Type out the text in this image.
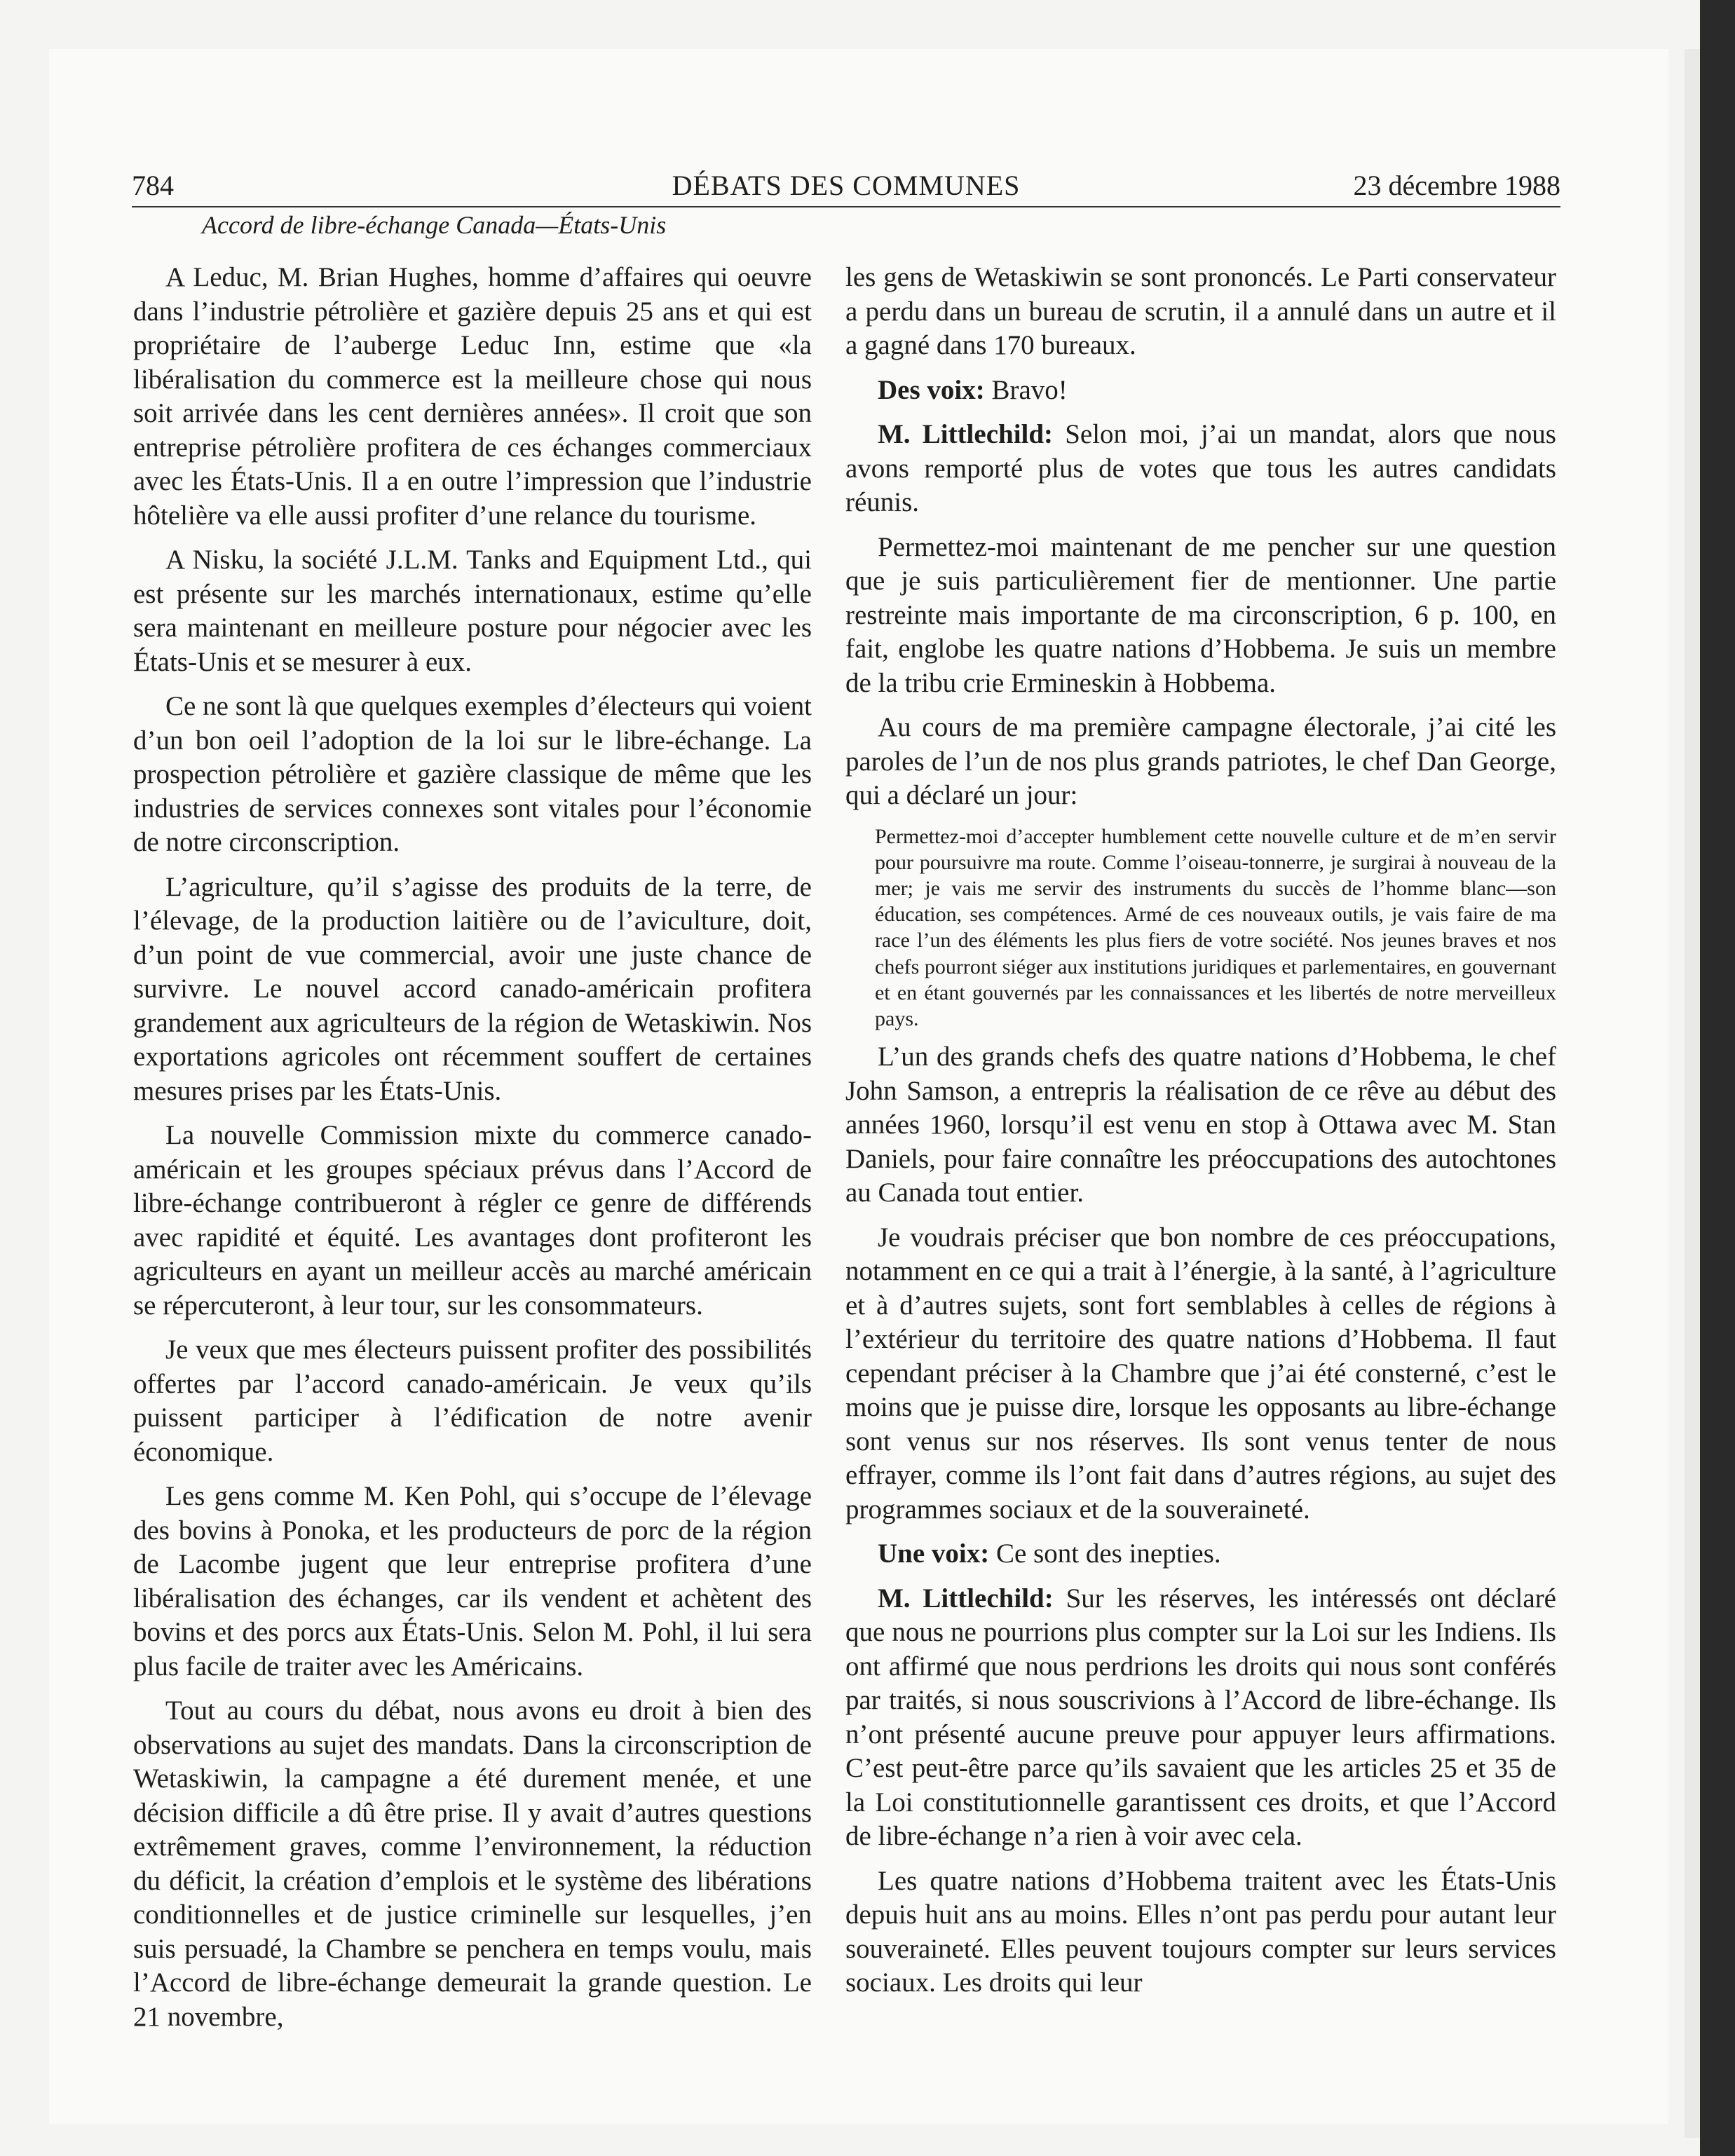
784	DÉBATS DES COMMUNES	23 décembre 1988
Accord de libre-échange Canada—États-Unis

A Leduc, M. Brian Hughes, homme d’affaires qui oeuvre dans l’industrie pétrolière et gazière depuis 25 ans et qui est propriétaire de l’auberge Leduc Inn, estime que «la libéralisation du commerce est la meilleure chose qui nous soit arrivée dans les cent dernières années». Il croit que son entreprise pétrolière profitera de ces échanges commerciaux avec les États-Unis. Il a en outre l’impression que l’industrie hôtelière va elle aussi profiter d’une relance du tourisme.

A Nisku, la société J.L.M. Tanks and Equipment Ltd., qui est présente sur les marchés internationaux, estime qu’elle sera maintenant en meilleure posture pour négocier avec les États-Unis et se mesurer à eux.

Ce ne sont là que quelques exemples d’électeurs qui voient d’un bon oeil l’adoption de la loi sur le libre-échange. La prospection pétrolière et gazière classique de même que les industries de services connexes sont vitales pour l’économie de notre circonscription.

L’agriculture, qu’il s’agisse des produits de la terre, de l’élevage, de la production laitière ou de l’aviculture, doit, d’un point de vue commercial, avoir une juste chance de survivre. Le nouvel accord canado-américain profitera grandement aux agriculteurs de la région de Wetaskiwin. Nos exportations agricoles ont récemment souffert de certaines mesures prises par les États-Unis.

La nouvelle Commission mixte du commerce canado-américain et les groupes spéciaux prévus dans l’Accord de libre-échange contribueront à régler ce genre de différends avec rapidité et équité. Les avantages dont profiteront les agriculteurs en ayant un meilleur accès au marché américain se répercuteront, à leur tour, sur les consommateurs.

Je veux que mes électeurs puissent profiter des possibilités offertes par l’accord canado-américain. Je veux qu’ils puissent participer à l’édification de notre avenir économique.

Les gens comme M. Ken Pohl, qui s’occupe de l’élevage des bovins à Ponoka, et les producteurs de porc de la région de Lacombe jugent que leur entreprise profitera d’une libéralisation des échanges, car ils vendent et achètent des bovins et des porcs aux États-Unis. Selon M. Pohl, il lui sera plus facile de traiter avec les Américains.

Tout au cours du débat, nous avons eu droit à bien des observations au sujet des mandats. Dans la circonscription de Wetaskiwin, la campagne a été durement menée, et une décision difficile a dû être prise. Il y avait d’autres questions extrêmement graves, comme l’environnement, la réduction du déficit, la création d’emplois et le système des libérations conditionnelles et de justice criminelle sur lesquelles, j’en suis persuadé, la Chambre se penchera en temps voulu, mais l’Accord de libre-échange demeurait la grande question. Le 21 novembre,

les gens de Wetaskiwin se sont prononcés. Le Parti conservateur a perdu dans un bureau de scrutin, il a annulé dans un autre et il a gagné dans 170 bureaux.

Des voix: Bravo!

M. Littlechild: Selon moi, j’ai un mandat, alors que nous avons remporté plus de votes que tous les autres candidats réunis.

Permettez-moi maintenant de me pencher sur une question que je suis particulièrement fier de mentionner. Une partie restreinte mais importante de ma circonscription, 6 p. 100, en fait, englobe les quatre nations d’Hobbema. Je suis un membre de la tribu crie Ermineskin à Hobbema.

Au cours de ma première campagne électorale, j’ai cité les paroles de l’un de nos plus grands patriotes, le chef Dan George, qui a déclaré un jour:

Permettez-moi d’accepter humblement cette nouvelle culture et de m’en servir pour poursuivre ma route. Comme l’oiseau-tonnerre, je surgirai à nouveau de la mer; je vais me servir des instruments du succès de l’homme blanc—son éducation, ses compétences. Armé de ces nouveaux outils, je vais faire de ma race l’un des éléments les plus fiers de votre société. Nos jeunes braves et nos chefs pourront siéger aux institutions juridiques et parlementaires, en gouvernant et en étant gouvernés par les connaissances et les libertés de notre merveilleux pays.

L’un des grands chefs des quatre nations d’Hobbema, le chef John Samson, a entrepris la réalisation de ce rêve au début des années 1960, lorsqu’il est venu en stop à Ottawa avec M. Stan Daniels, pour faire connaître les préoccupations des autochtones au Canada tout entier.

Je voudrais préciser que bon nombre de ces préoccupations, notamment en ce qui a trait à l’énergie, à la santé, à l’agriculture et à d’autres sujets, sont fort semblables à celles de régions à l’extérieur du territoire des quatre nations d’Hobbema. Il faut cependant préciser à la Chambre que j’ai été consterné, c’est le moins que je puisse dire, lorsque les opposants au libre-échange sont venus sur nos réserves. Ils sont venus tenter de nous effrayer, comme ils l’ont fait dans d’autres régions, au sujet des programmes sociaux et de la souveraineté.

Une voix: Ce sont des inepties.

M. Littlechild: Sur les réserves, les intéressés ont déclaré que nous ne pourrions plus compter sur la Loi sur les Indiens. Ils ont affirmé que nous perdrions les droits qui nous sont conférés par traités, si nous souscrivions à l’Accord de libre-échange. Ils n’ont présenté aucune preuve pour appuyer leurs affirmations. C’est peut-être parce qu’ils savaient que les articles 25 et 35 de la Loi constitutionnelle garantissent ces droits, et que l’Accord de libre-échange n’a rien à voir avec cela.

Les quatre nations d’Hobbema traitent avec les États-Unis depuis huit ans au moins. Elles n’ont pas perdu pour autant leur souveraineté. Elles peuvent toujours compter sur leurs services sociaux. Les droits qui leur
